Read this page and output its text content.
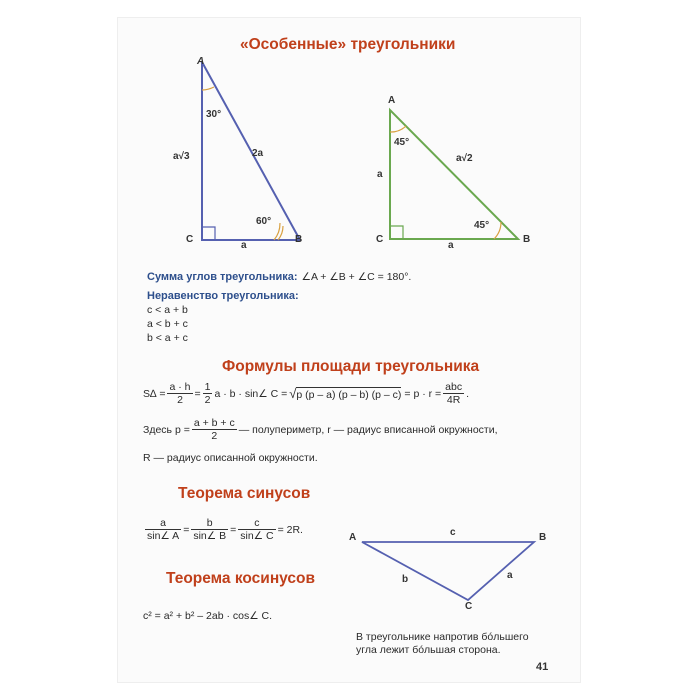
«Особенные» треугольники
A
C	B
30°
60°
a√3	2a
a
A
C	B
45°
45°
a
a√2
a
Сумма углов треугольника: ∠A + ∠B + ∠C = 180°.
Неравенство треугольника:
c < a + b
a < b + c
b < a + c
Формулы площади треугольника
$S\Delta = \frac{a \cdot h}{2} = \frac{1}{2}$ a · b · sin∠ C = √ p (p – a) (p – b) $(p - c) = p \cdot r = \frac{\text{abc}}{4R}$ .
Здесь $p = \frac{a + b + c}{2}$ — полупериметр, r — радиус вписанной окружности,
R — радиус описанной окружности.
Теорема синусов
$\frac{a}{\sin\angle A} = \frac{b}{\sin\angle B} = \frac{c}{\sin\angle C} = 2R$.
Теорема косинусов
c² = a² + b² – 2ab · cos∠ C.
A	B
C
c
b	a
В треугольнике напротив бóльшего
угла лежит бóльшая сторона.
41
